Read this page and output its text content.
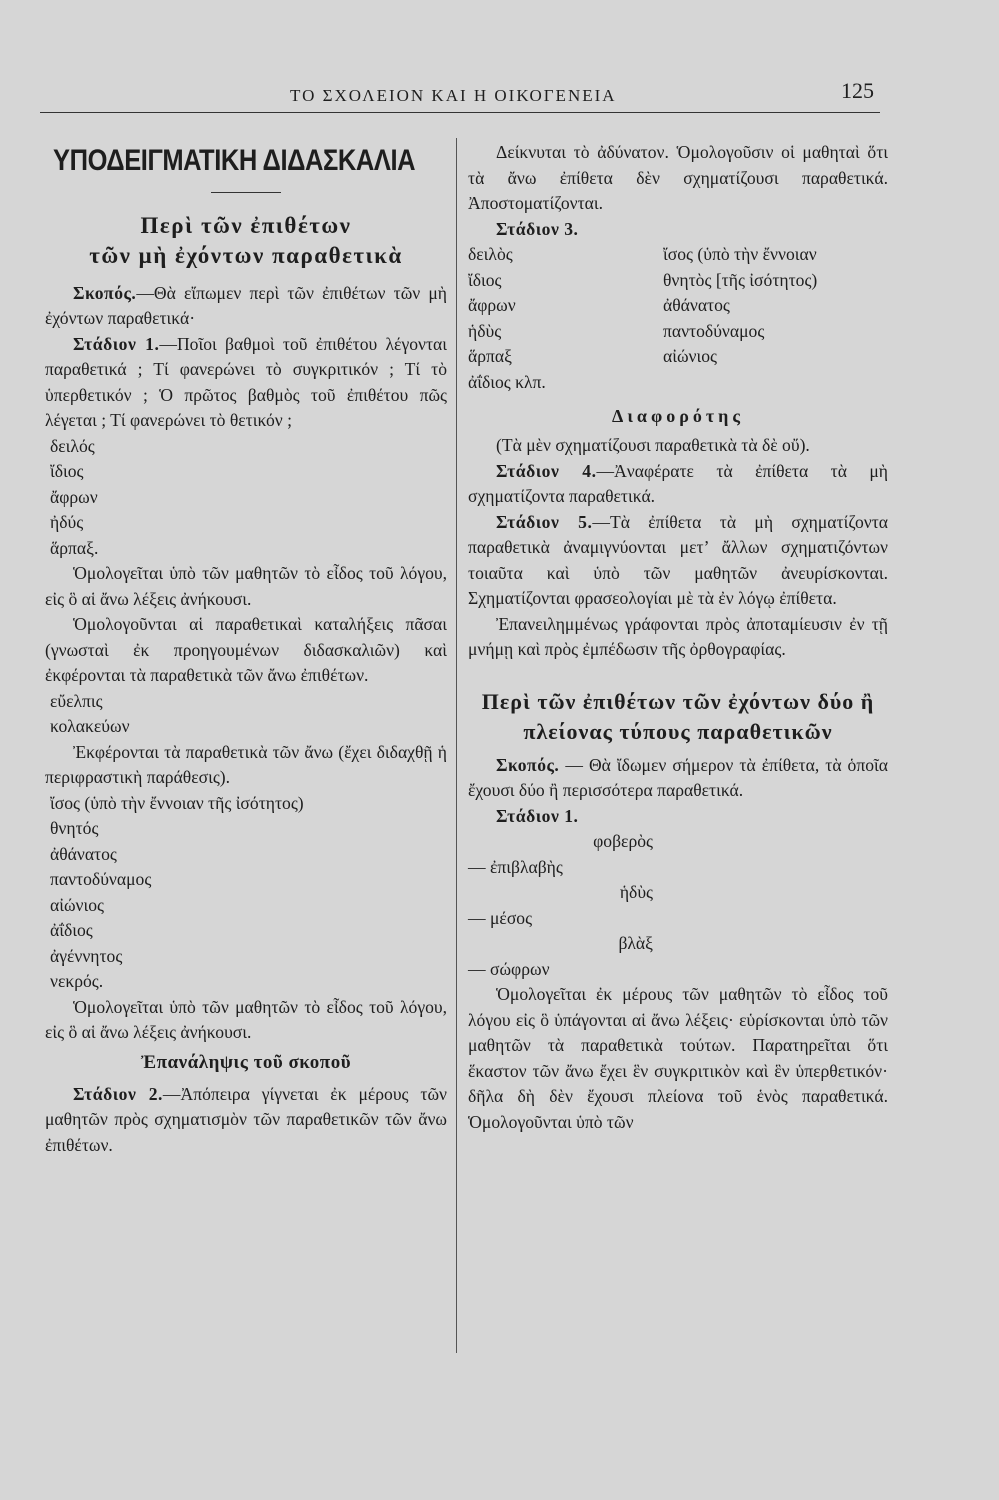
ΤΟ ΣΧΟΛΕΙΟΝ ΚΑΙ Η ΟΙΚΟΓΕΝΕΙΑ	125
ΥΠΟΔΕΙΓΜΑΤΙΚΗ ΔΙΔΑΣΚΑΛΙΑ
Περὶ τῶν ἐπιθέτων
τῶν μὴ ἐχόντων παραθετικὰ

Σκοπός.—Θὰ εἴπωμεν περὶ τῶν ἐπιθέτων τῶν μὴ ἐχόντων παραθετικά·

Στάδιον 1.—Ποῖοι βαθμοὶ τοῦ ἐπιθέτου λέγονται παραθετικά ; Τί φανερώνει τὸ συγκριτικόν ; Τί τὸ ὑπερθετικόν ; Ὁ πρῶτος βαθμὸς τοῦ ἐπιθέτου πῶς λέγεται ; Τί φανερώνει τὸ θετικόν ;

δειλός

ἴδιος

ἄφρων

ἠδύς

ἅρπαξ.

Ὁμολογεῖται ὑπὸ τῶν μαθητῶν τὸ εἶδος τοῦ λόγου, εἰς ὃ αἱ ἄνω λέξεις ἀνήκουσι.

Ὁμολογοῦνται αἱ παραθετικαὶ καταλήξεις πᾶσαι (γνωσταὶ ἐκ προηγουμένων διδασκαλιῶν) καὶ ἐκφέρονται τὰ παραθετικὰ τῶν ἄνω ἐπιθέτων.

εὔελπις

κολακεύων

Ἐκφέρονται τὰ παραθετικὰ τῶν ἄνω (ἔχει διδαχθῇ ἡ περιφραστικὴ παράθεσις).

ἴσος (ὑπὸ τὴν ἔννοιαν τῆς ἰσότητος)

θνητός

ἀθάνατος

παντοδύναμος

αἰώνιος

ἀΐδιος

ἀγέννητος

νεκρός.

Ὁμολογεῖται ὑπὸ τῶν μαθητῶν τὸ εἶδος τοῦ λόγου, εἰς ὃ αἱ ἄνω λέξεις ἀνήκουσι.

Ἐπανάληψις τοῦ σκοποῦ

Στάδιον 2.—Ἀπόπειρα γίγνεται ἐκ μέρους τῶν μαθητῶν πρὸς σχηματισμὸν τῶν παραθετικῶν τῶν ἄνω ἐπιθέτων.

Δείκνυται τὸ ἀδύνατον. Ὁμολογοῦσιν οἱ μαθηταὶ ὅτι τὰ ἄνω ἐπίθετα δὲν σχηματίζουσι παραθετικά. Ἀποστοματίζονται.

Στάδιον 3.

δειλὸς	ἴσος (ὑπὸ τὴν ἔννοιαν
ἴδιος	θνητὸς [τῆς ἰσότητος)
ἄφρων	ἀθάνατος
ἡδὺς	παντοδύναμος
ἅρπαξ	αἰώνιος
ἀΐδιος κλπ.
Διαφορότης

(Τὰ μὲν σχηματίζουσι παραθετικὰ τὰ δὲ οὔ).

Στάδιον 4.—Ἀναφέρατε τὰ ἐπίθετα τὰ μὴ σχηματίζοντα παραθετικά.

Στάδιον 5.—Τὰ ἐπίθετα τὰ μὴ σχηματίζοντα παραθετικὰ ἀναμιγνύονται μετ’ ἄλλων σχηματιζόντων τοιαῦτα καὶ ὑπὸ τῶν μαθητῶν ἀνευρίσκονται. Σχηματίζονται φρασεολογίαι μὲ τὰ ἐν λόγῳ ἐπίθετα.

Ἐπανειλημμένως γράφονται πρὸς ἀποταμίευσιν ἐν τῇ μνήμῃ καὶ πρὸς ἐμπέδωσιν τῆς ὀρθογραφίας.

Περὶ τῶν ἐπιθέτων τῶν ἐχόντων δύο ἢ πλείονας τύπους παραθετικῶν

Σκοπός. — Θὰ ἴδωμεν σήμερον τὰ ἐπίθετα, τὰ ὁποῖα ἔχουσι δύο ἢ περισσότερα παραθετικά.

Στάδιον 1.

φοβερὸς— ἐπιβλαβὴς

ἡδὺς— μέσος

βλὰξ— σώφρων

Ὁμολογεῖται ἐκ μέρους τῶν μαθητῶν τὸ εἶδος τοῦ λόγου εἰς ὃ ὑπάγονται αἱ ἄνω λέξεις· εὑρίσκονται ὑπὸ τῶν μαθητῶν τὰ παραθετικὰ τούτων. Παρατηρεῖται ὅτι ἕκαστον τῶν ἄνω ἔχει ἓν συγκριτικὸν καὶ ἓν ὑπερθετικόν· δῆλα δὴ δὲν ἔχουσι πλείονα τοῦ ἑνὸς παραθετικά. Ὁμολογοῦνται ὑπὸ τῶν
